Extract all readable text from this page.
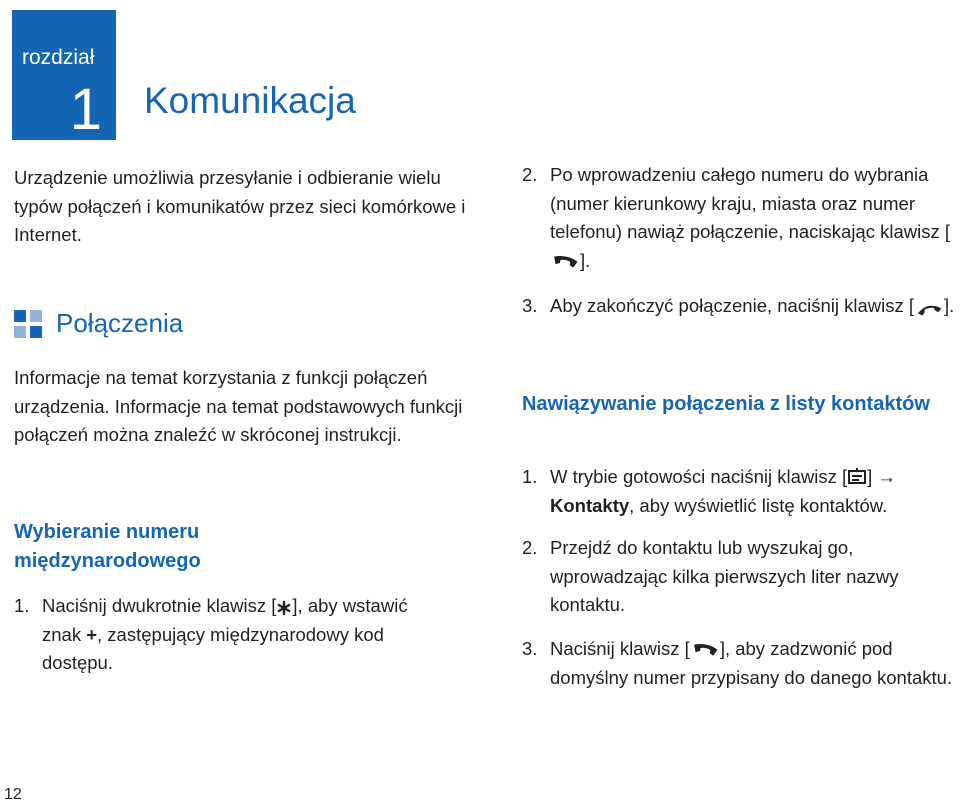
rozdział
1 Komunikacja

Urządzenie umożliwia przesyłanie i odbieranie wielu typów połączeń i komunikatów przez sieci komórkowe i Internet.

Połączenia

Informacje na temat korzystania z funkcji połączeń urządzenia. Informacje na temat podstawowych funkcji połączeń można znaleźć w skróconej instrukcji.

Wybieranie numeru międzynarodowego

1. Naciśnij dwukrotnie klawisz [ ], aby wstawić znak +, zastępujący międzynarodowy kod dostępu.
2. Po wprowadzeniu całego numeru do wybrania (numer kierunkowy kraju, miasta oraz numer telefonu) nawiąż połączenie, naciskając klawisz [].
3. Aby zakończyć połączenie, naciśnij klawisz [ ].

Nawiązywanie połączenia z listy kontaktów

1. W trybie gotowości naciśnij klawisz [ ] → Kontakty, aby wyświetlić listę kontaktów.
2. Przejdź do kontaktu lub wyszukaj go, wprowadzając kilka pierwszych liter nazwy kontaktu.
3. Naciśnij klawisz [ ], aby zadzwonić pod domyślny numer przypisany do danego kontaktu.
12
